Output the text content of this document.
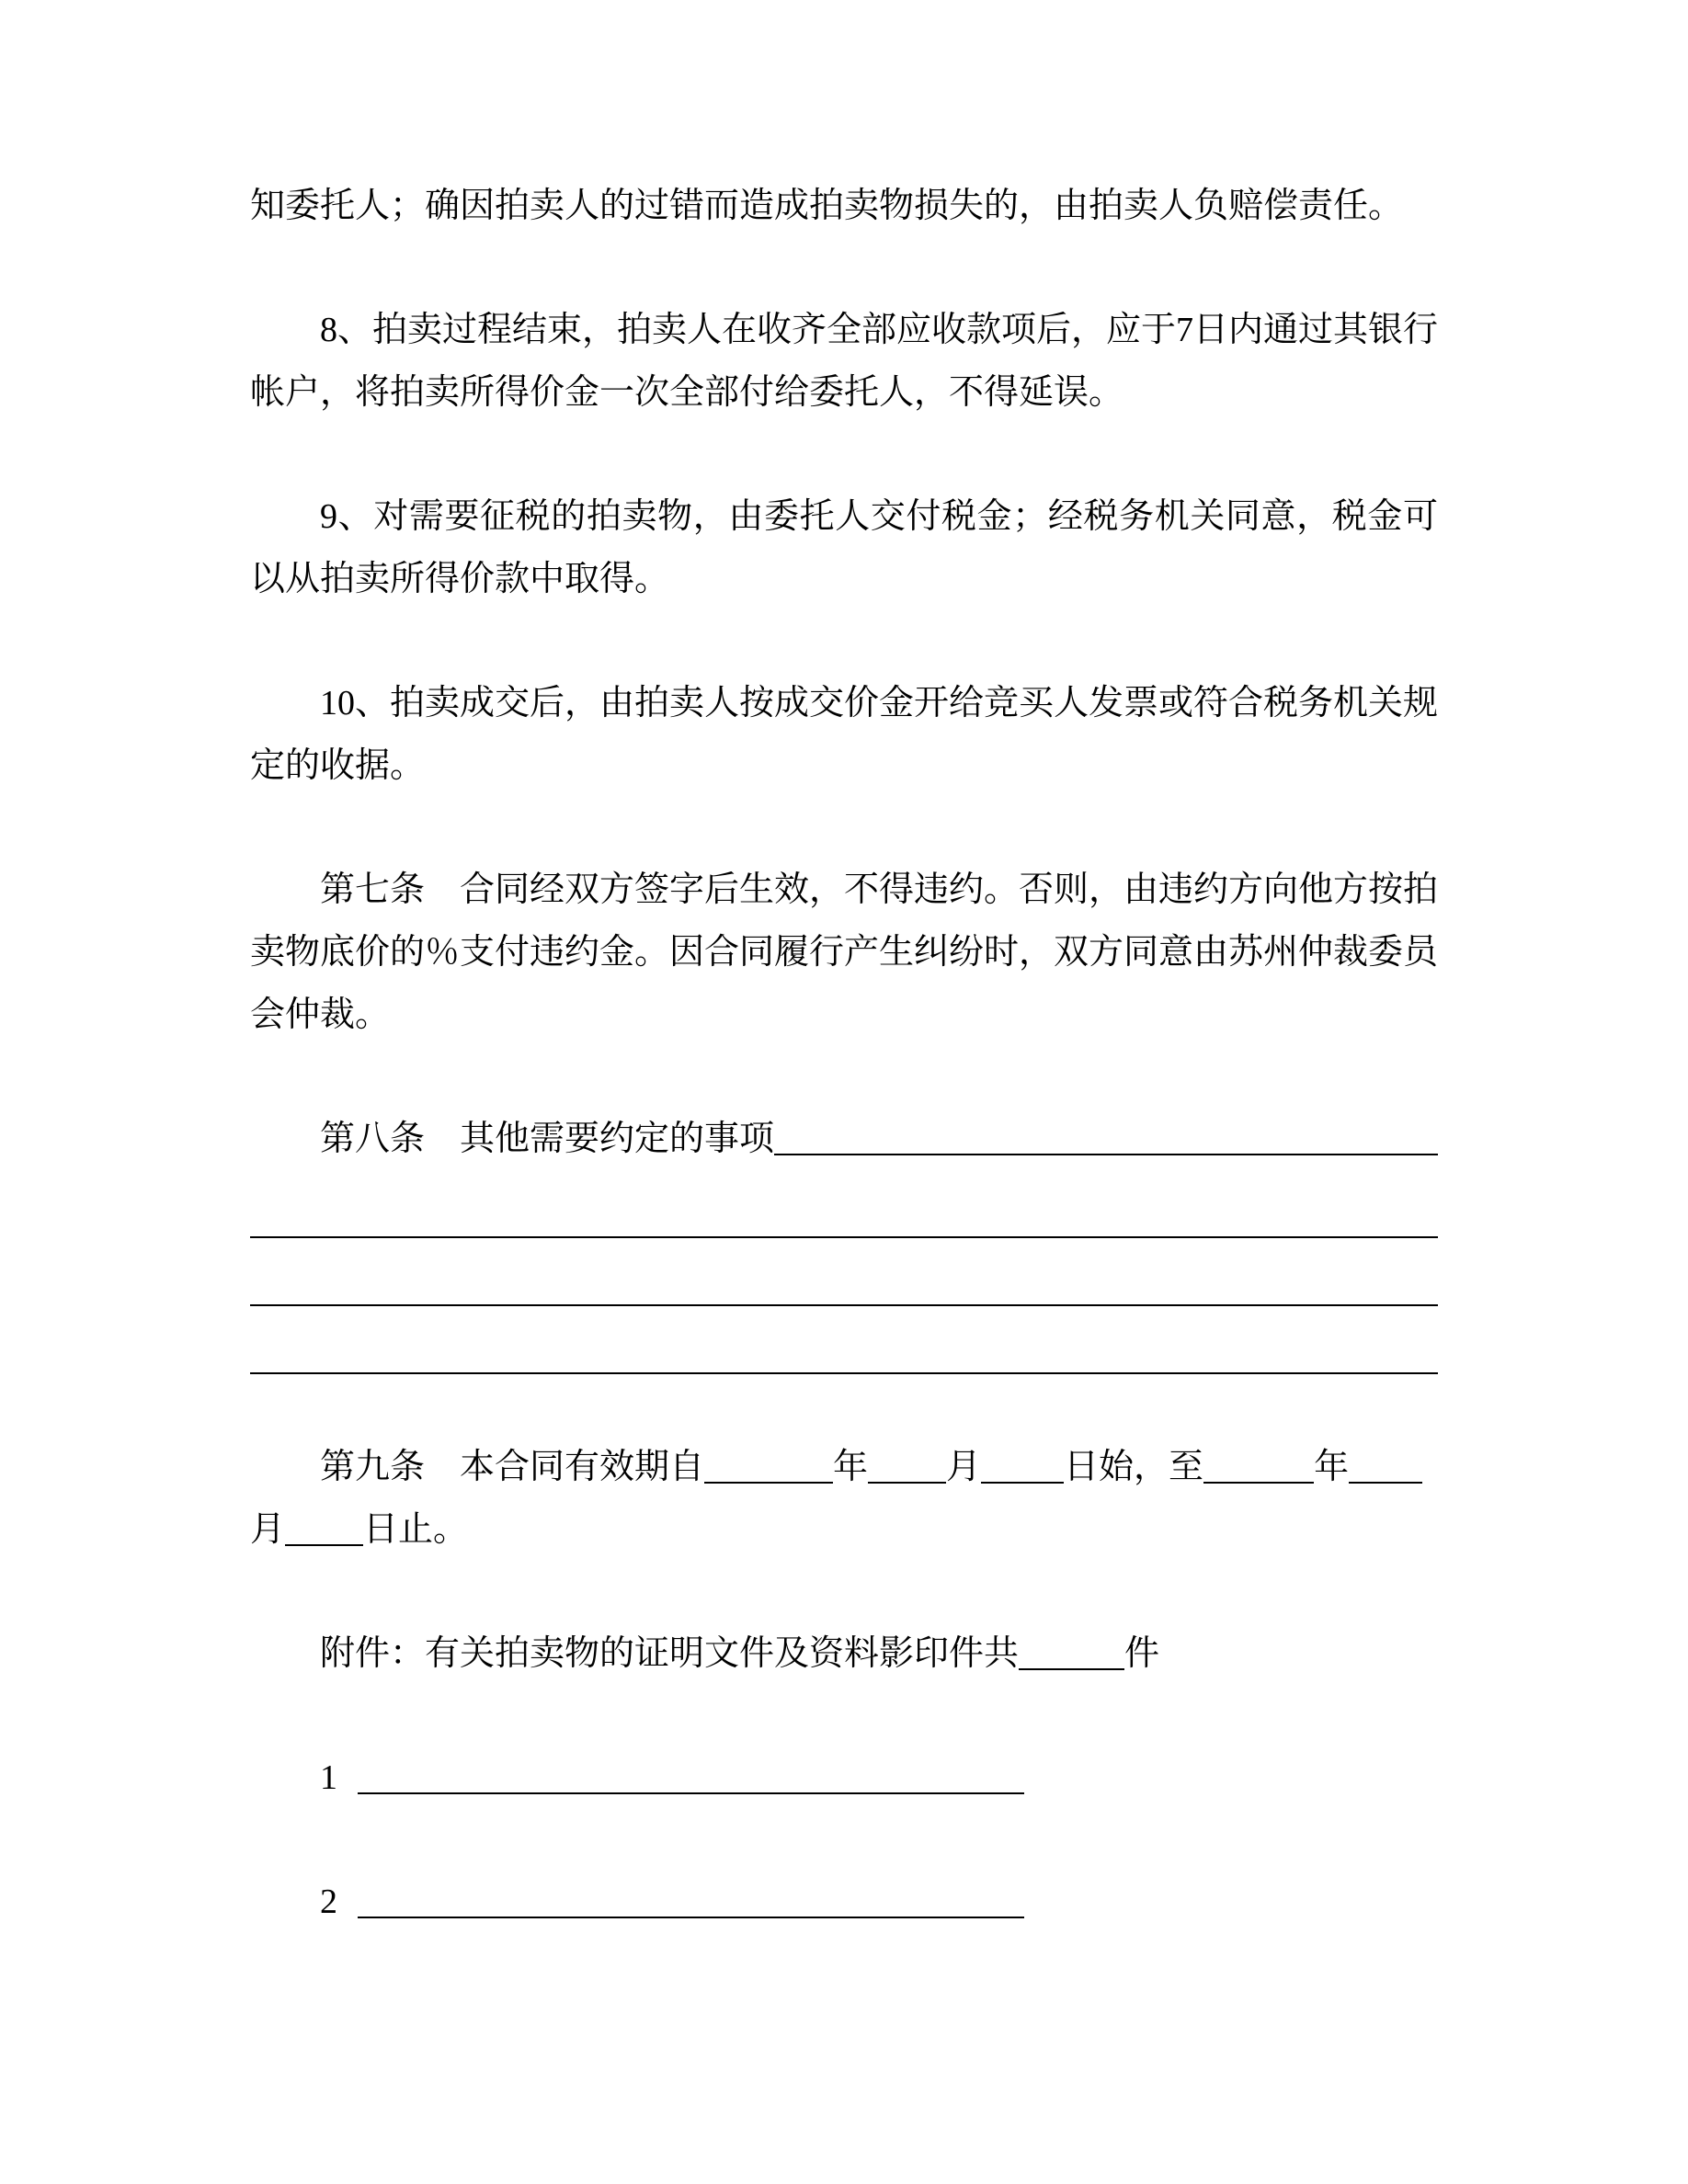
知委托人；确因拍卖人的过错而造成拍卖物损失的，由拍卖人负赔偿责任。

8、拍卖过程结束，拍卖人在收齐全部应收款项后，应于7日内通过其银行帐户，将拍卖所得价金一次全部付给委托人，不得延误。

9、对需要征税的拍卖物，由委托人交付税金；经税务机关同意，税金可以从拍卖所得价款中取得。

10、拍卖成交后，由拍卖人按成交价金开给竞买人发票或符合税务机关规定的收据。

第七条　合同经双方签字后生效，不得违约。否则，由违约方向他方按拍卖物底价的％支付违约金。因合同履行产生纠纷时，双方同意由苏州仲裁委员会仲裁。

第八条　其他需要约定的事项
第九条　本合同有效期自	年 月 日始，至	年
月 日止。
附件：有关拍卖物的证明文件及资料影印件共	件
1
2
